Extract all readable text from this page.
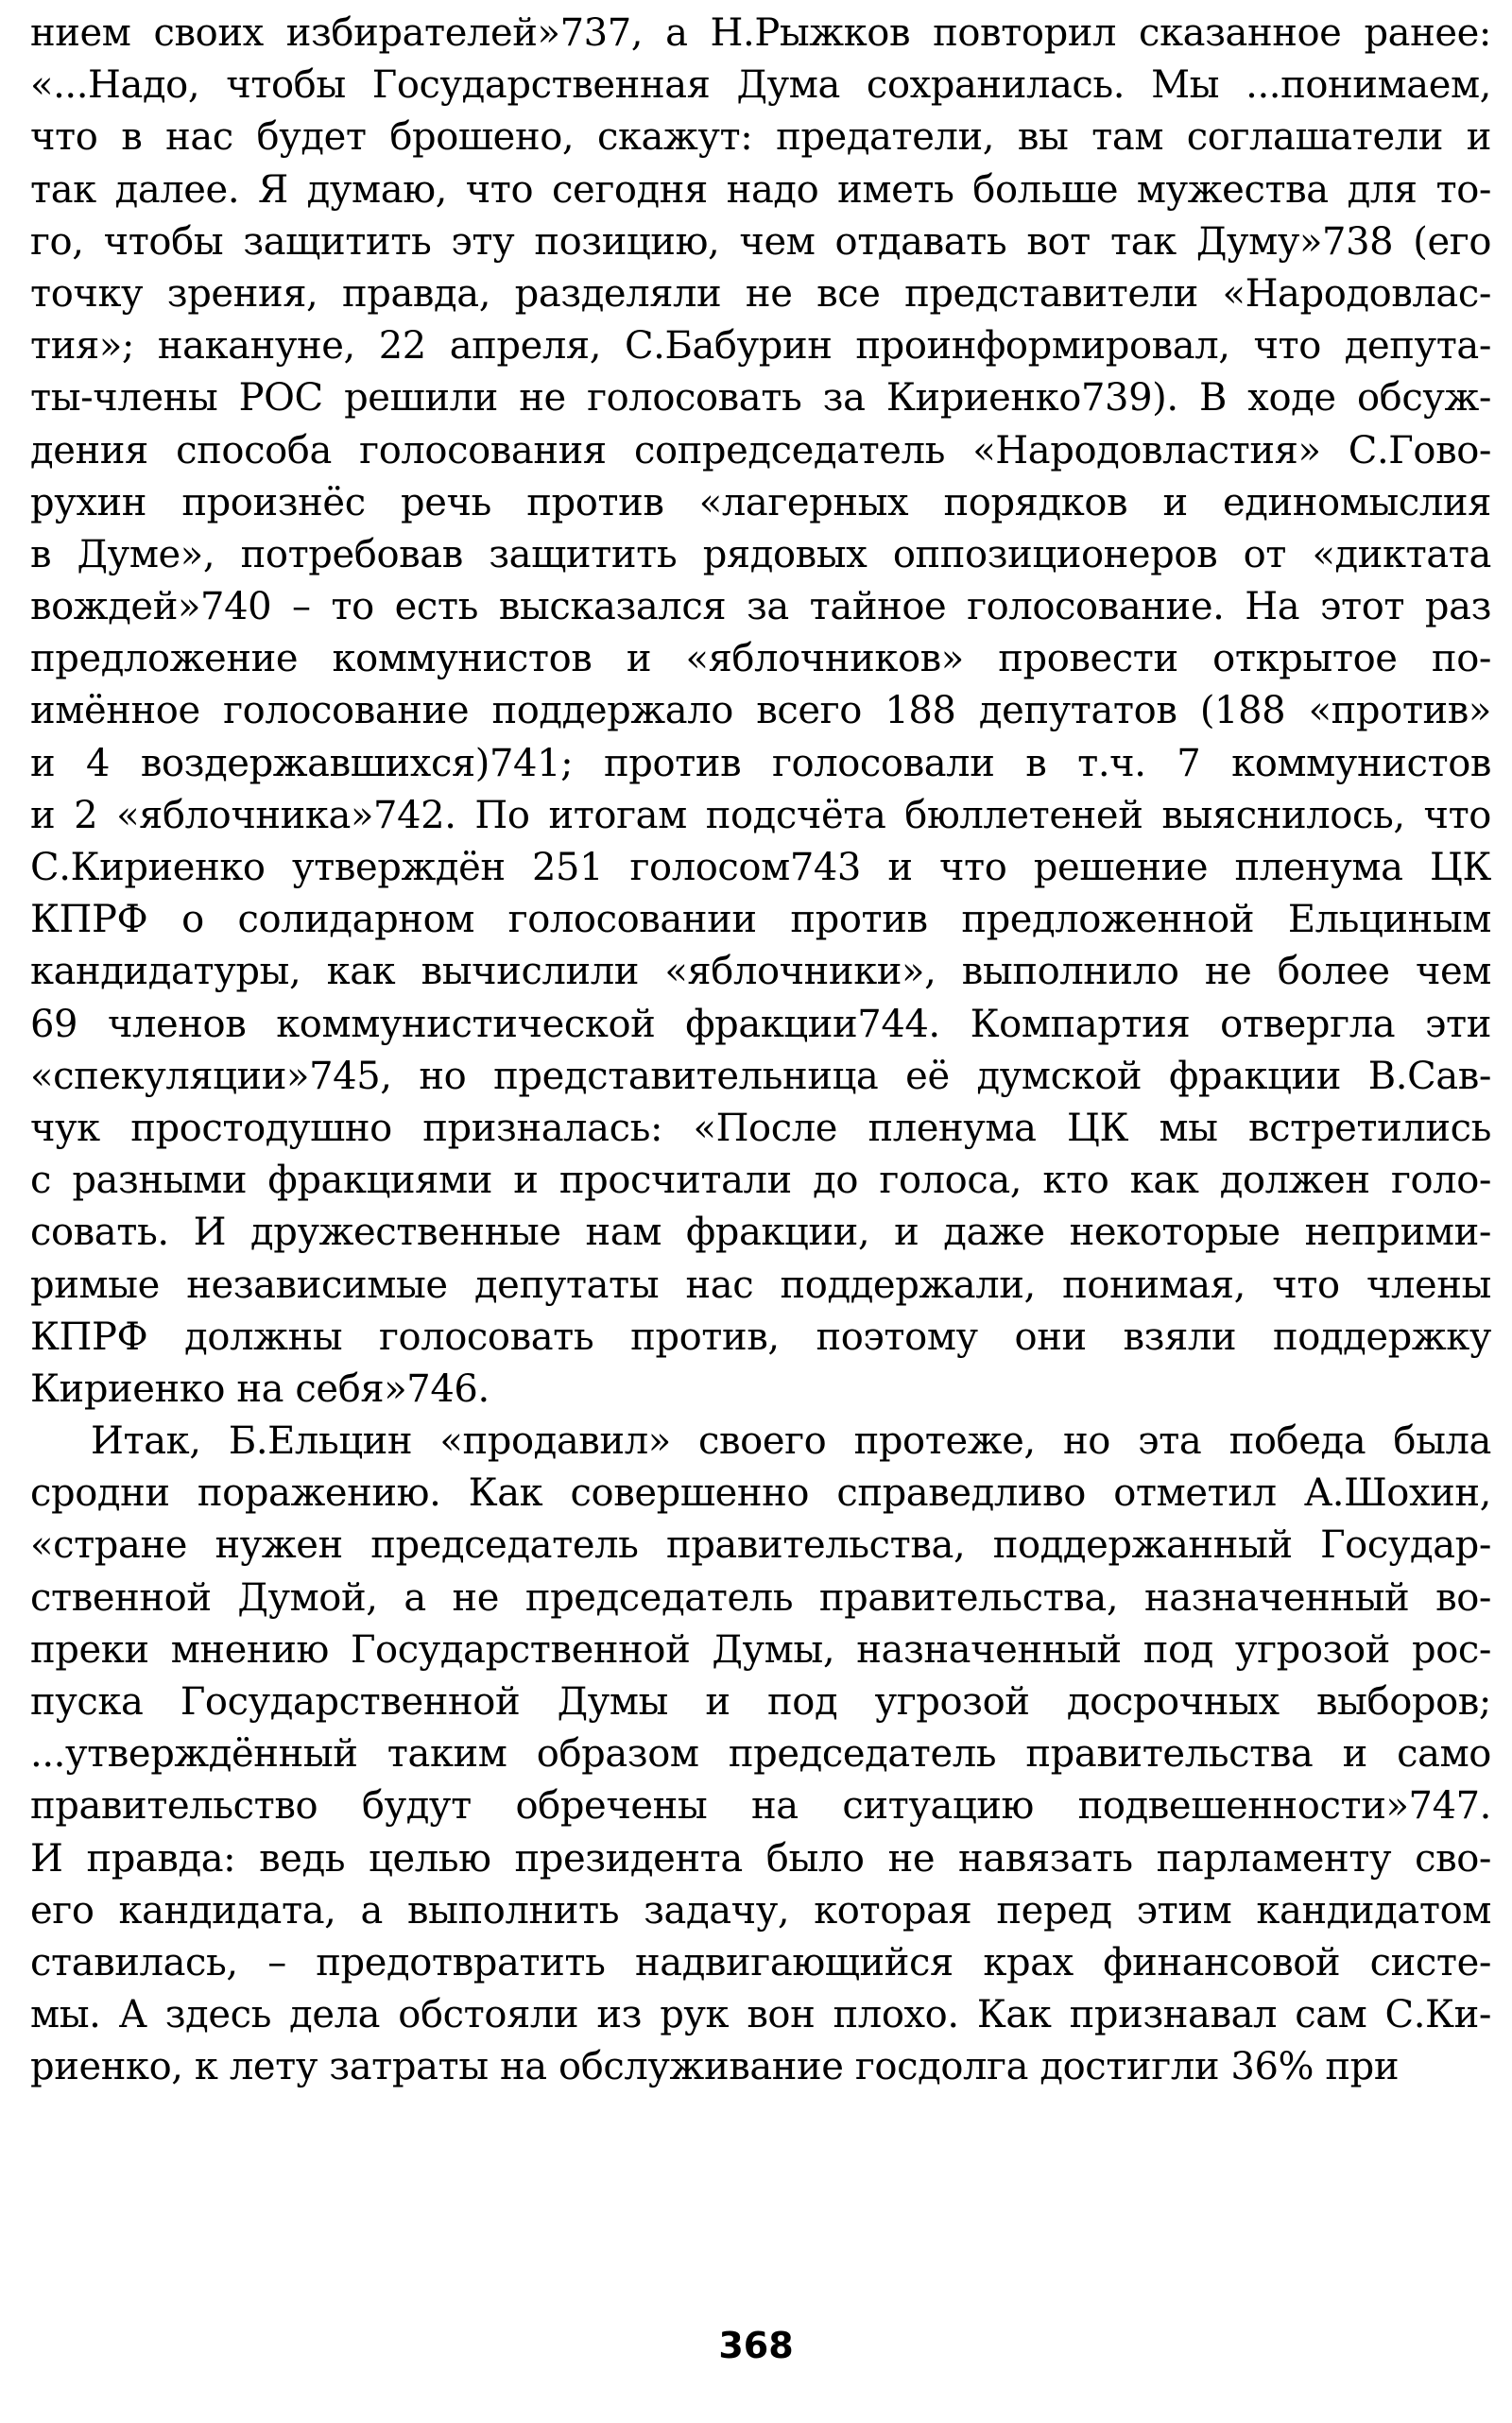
нием своих избирателей»737, а Н.Рыжков повторил сказанное ранее:
«...Надо, чтобы Государственная Дума сохранилась. Мы ...понимаем,
что в нас будет брошено, скажут: предатели, вы там соглашатели и
так далее. Я думаю, что сегодня надо иметь больше мужества для то-
го, чтобы защитить эту позицию, чем отдавать вот так Думу»738 (его
точку зрения, правда, разделяли не все представители «Народовлас-
тия»; накануне, 22 апреля, С.Бабурин проинформировал, что депута-
ты-члены РОС решили не голосовать за Кириенко739). В ходе обсуж-
дения способа голосования сопредседатель «Народовластия» С.Гово-
рухин произнёс речь против «лагерных порядков и единомыслия
в Думе», потребовав защитить рядовых оппозиционеров от «диктата
вождей»740 – то есть высказался за тайное голосование. На этот раз
предложение коммунистов и «яблочников» провести открытое по-
имённое голосование поддержало всего 188 депутатов (188 «против»
и 4 воздержавшихся)741; против голосовали в т.ч. 7 коммунистов
и 2 «яблочника»742. По итогам подсчёта бюллетеней выяснилось, что
С.Кириенко утверждён 251 голосом743 и что решение пленума ЦК
КПРФ о солидарном голосовании против предложенной Ельциным
кандидатуры, как вычислили «яблочники», выполнило не более чем
69 членов коммунистической фракции744. Компартия отвергла эти
«спекуляции»745, но представительница её думской фракции В.Сав-
чук простодушно призналась: «После пленума ЦК мы встретились
с разными фракциями и просчитали до голоса, кто как должен голо-
совать. И дружественные нам фракции, и даже некоторые неприми-
римые независимые депутаты нас поддержали, понимая, что члены
КПРФ должны голосовать против, поэтому они взяли поддержку
Кириенко на себя»746.
Итак, Б.Ельцин «продавил» своего протеже, но эта победа была
сродни поражению. Как совершенно справедливо отметил А.Шохин,
«стране нужен председатель правительства, поддержанный Государ-
ственной Думой, а не председатель правительства, назначенный во-
преки мнению Государственной Думы, назначенный под угрозой рос-
пуска Государственной Думы и под угрозой досрочных выборов;
...утверждённый таким образом председатель правительства и само
правительство будут обречены на ситуацию подвешенности»747.
И правда: ведь целью президента было не навязать парламенту сво-
его кандидата, а выполнить задачу, которая перед этим кандидатом
ставилась, – предотвратить надвигающийся крах финансовой систе-
мы. А здесь дела обстояли из рук вон плохо. Как признавал сам С.Ки-
риенко, к лету затраты на обслуживание госдолга достигли 36% при
368
